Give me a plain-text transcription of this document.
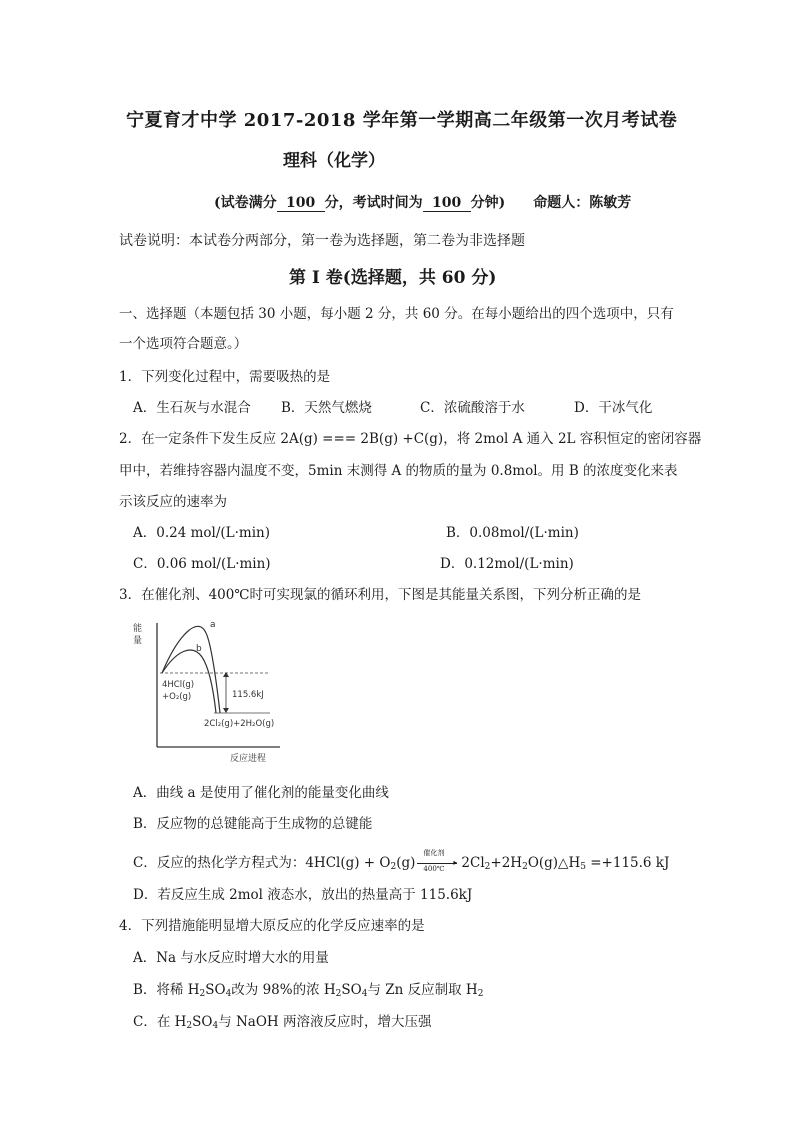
宁夏育才中学 2017-2018 学年第一学期高二年级第一次月考试卷
理科（化学）
(试卷满分 100 分，考试时间为 100 分钟) 命题人：陈敏芳
试卷说明：本试卷分两部分，第一卷为选择题，第二卷为非选择题
第 I 卷(选择题，共 60 分)
一、选择题（本题包括 30 小题，每小题 2 分，共 60 分。在每小题给出的四个选项中，只有
一个选项符合题意。）
1．下列变化过程中，需要吸热的是
A．生石灰与水混合 B．天然气燃烧	C．浓硫酸溶于水	D．干冰气化
2．在一定条件下发生反应 2A(g) === 2B(g) +C(g)，将 2mol A 通入 2L 容积恒定的密闭容器
甲中，若维持容器内温度不变，5min 末测得 A 的物质的量为 0.8mol。用 B 的浓度变化来表
示该反应的速率为
A．0.24 mol/(L·min)	B．0.08mol/(L·min)
C．0.06 mol/(L·min)	D．0.12mol/(L·min)
3．在催化剂、400℃时可实现氯的循环利用，下图是其能量关系图，下列分析正确的是
能
量
反应进程
a
b
115.6kJ
4HCl(g)
+O₂(g)
2Cl₂(g)+2H₂O(g)
A．曲线 a 是使用了催化剂的能量变化曲线
B．反应物的总键能高于生成物的总键能
C．反应的热化学方程式为：$4HCl(g) + O_2(g)$
催化剂
▸
400℃ $2Cl_2+2H_2O(g)\triangle H_5 =+115.6$ kJ
D．若反应生成 2mol 液态水，放出的热量高于 115.6kJ
4．下列措施能明显增大原反应的化学反应速率的是
A．Na 与水反应时增大水的用量
B．将稀 $H_2SO_4$改为 98%的浓 $H_2SO_4$与 Zn 反应制取 $H_2$
C．在 $H_2SO_4$与 NaOH 两溶液反应时，增大压强
